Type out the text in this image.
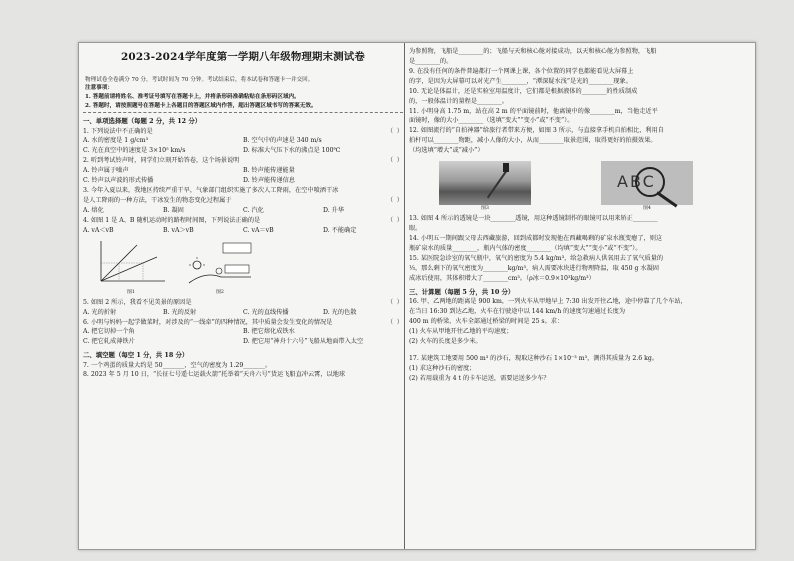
2023-2024学年度第一学期八年级物理期末测试卷
物理试卷全卷满分 70 分，考试时间为 70 分钟。考试结束后，将本试卷和答题卡一并交回。
注意事项：
1. 答题前请将姓名、准考证号填写在答题卡上，并将条形码准确粘贴在条形码区域内。
2. 答题时，请按照题号在答题卡上各题目的答题区域内作答，超出答题区域书写的答案无效。
一、单项选择题（每题 2 分，共 12 分）
1. 下列说法中不正确的是	（ ）
A. 水的密度是 1 g/cm³	B. 空气中的声速是 340 m/s
C. 光在真空中的速度是 3×10⁵ km/s	D. 标准大气压下水的沸点是 100℃
2. 听到考试铃声时，同学们立刻开始答卷，这个场景说明	（ ）
A. 铃声属于噪声	B. 铃声能传递能量
C. 铃声以声波的形式传播	D. 铃声能传递信息
3. 今年入夏以来，我地区持续严重干旱，气象部门组织实施了多次人工降雨，在空中喷洒干冰
是人工降雨的一种方法，干冰发生的物态变化过程属于	（ ）
A. 熔化	B. 凝固	C. 汽化	D. 升华
4. 如图 1 是 A、B 随机运动时的路程时间图，下列说法正确的是	（ ）
A. vA＜vB	B. vA＞vB	C. vA＝vB	D. 不能确定
图1	图2
5. 如图 2 所示，我看不见美景的原因是	（ ）
A. 光的折射	B. 光的反射	C. 光的直线传播	D. 光的色散
6. 小明与妈妈一起学做菜时，对涉及的“一线牵”的四种情况，其中质量会发生变化的情况是	（ ）
A. 把它切掉一个角	B. 把它熔化成铁水
C. 把它轧成薄铁片	D. 把它用“神舟十六号”飞船从地面带入太空
二、填空题（每空 1 分，共 18 分）
7. 一个鸡蛋的质量大约是 50_______，空气的密度为 1.29_______。
8. 2023 年 5 月 10 日，“长征七号遥七运载火箭”托举着“天舟六号”货运飞船直冲云霄，以地球
为参照物，飞船是________的；飞船与天和核心舱对接成功，以天和核心舱为参照物，飞船
是________的。
9. 在没有任何的条件普遍都打一个网课上课，各个位置的同学也都能看见大屏幕上
的字，是因为大屏幕可以对光产生________，“潭深疑水浅”是光的________现象。
10. 无论是体温计，还是实验室用温度计，它们都是根据液体的________的性质制成
的，一般体温计的量程是________。
11. 小明身高 1.75 m，站在高 2 m 的平面镜前时，他离镜中的像________m，当他走近平
面镜时，像的大小________（选填“变大”“变小”或“不变”）。
12. 如图流行的“自拍神器”给旅行者带来方便，如图 3 所示，与直接拿手机自拍相比，利用自
拍杆可以________物距，减小人像的大小，从而________取景范围，取得更好的拍摄效果。
（均选填“增大”或“减小”）
图3
ABC
图4
13. 如图 4 所示的透镜是一块________透镜，用这种透镜制作的眼镜可以用来矫正________
眼。
14. 小明五一期间跟父母去西藏旅游，回到成都时发现他在西藏喝剩的矿泉水瓶变瘪了，则这
瓶矿泉水的质量________，瓶内气体的密度________（均填“变大”“变小”或“不变”）。
15. 某医院急诊室的氧气瓶中，氧气的密度为 5.4 kg/m³，给急救病人供氧用去了氧气质量的
⅓，那么剩下的氧气密度为________kg/m³，病人需要冰块进行物理降温，取 450 g 水凝固
成冰后使用，其体积增大了________cm³。（ρ冰＝0.9×10³kg/m³）
三、计算题（每题 5 分，共 10 分）
16. 甲、乙两地的距离是 900 km，一列火车从甲地早上 7:30 出发开往乙地，途中停靠了几个车站，
在当日 16:30 到达乙地，火车在行驶途中以 144 km/h 的速度匀速通过长度为
400 m 的桥梁，火车全部通过桥梁的时间是 25 s。求：
(1) 火车从甲地开往乙地的平均速度；
(2) 火车的长度是多少米。
17. 某建筑工地要用 500 m³ 的沙石，现取这种沙石 1×10⁻³ m³，测得其质量为 2.6 kg。
(1) 求这种沙石的密度；
(2) 若用载重为 4 t 的卡车运送，需要运送多少车？
